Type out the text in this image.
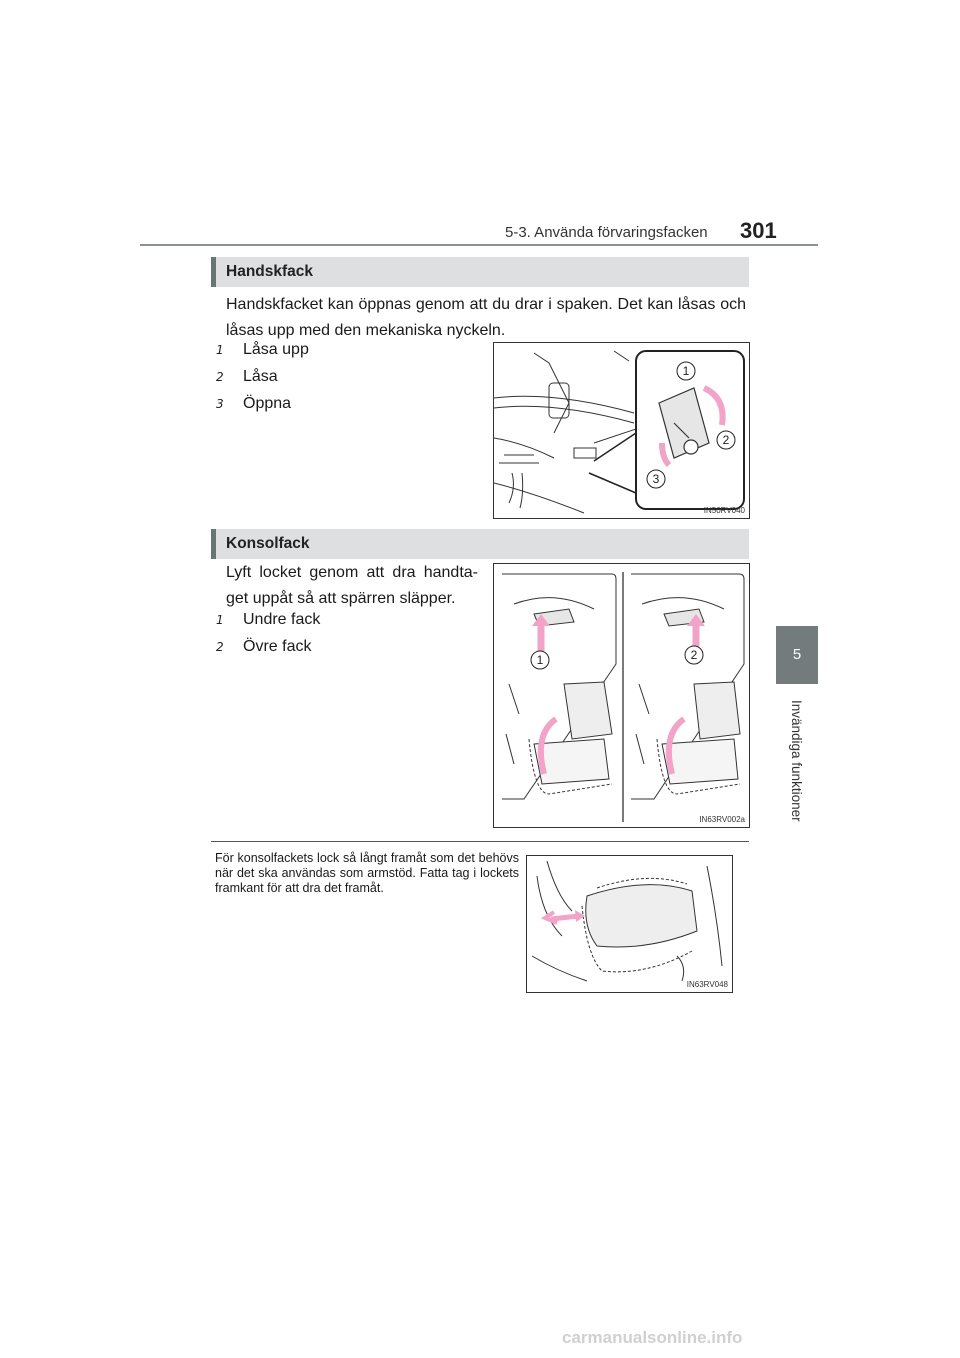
5-3. Använda förvaringsfacken 301
5
Invändiga funktioner
Handskfack
Handskfacket kan öppnas genom att du drar i spaken. Det kan låsas och låsas upp med den mekaniska nyckeln.
1 Låsa upp
2 Låsa
3 Öppna
1
2
3
IN50RV040
Konsolfack
Lyft locket genom att dra handta-get uppåt så att spärren släpper.
1 Undre fack
2 Övre fack
1	2
IN63RV002a
För konsolfackets lock så långt framåt som det behövs när det ska användas som armstöd. Fatta tag i lockets framkant för att dra det framåt.
IN63RV048
carmanualsonline.info
